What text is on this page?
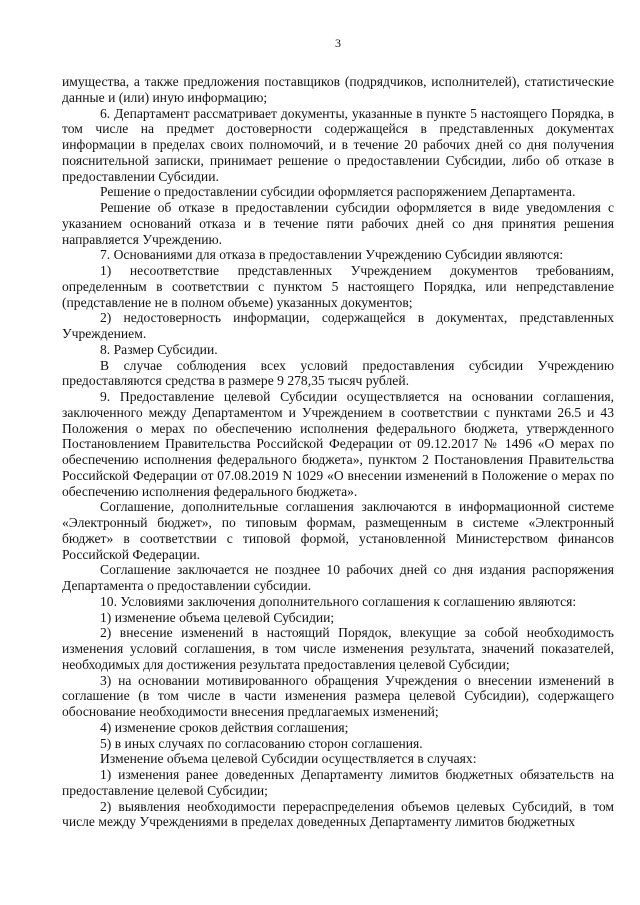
3

имущества, а также предложения поставщиков (подрядчиков, исполнителей), статистические данные и (или) иную информацию;

6. Департамент рассматривает документы, указанные в пункте 5 настоящего Порядка, в том числе на предмет достоверности содержащейся в представленных документах информации в пределах своих полномочий, и в течение 20 рабочих дней со дня получения пояснительной записки, принимает решение о предоставлении Субсидии, либо об отказе в предоставлении Субсидии.

Решение о предоставлении субсидии оформляется распоряжением Департамента.

Решение об отказе в предоставлении субсидии оформляется в виде уведомления с указанием оснований отказа и в течение пяти рабочих дней со дня принятия решения направляется Учреждению.

7. Основаниями для отказа в предоставлении Учреждению Субсидии являются:

1) несоответствие представленных Учреждением документов требованиям, определенным в соответствии с пунктом 5 настоящего Порядка, или непредставление (представление не в полном объеме) указанных документов;

2) недостоверность информации, содержащейся в документах, представленных Учреждением.

8. Размер Субсидии.

В случае соблюдения всех условий предоставления субсидии Учреждению предоставляются средства в размере 9 278,35 тысяч рублей.

9. Предоставление целевой Субсидии осуществляется на основании соглашения, заключенного между Департаментом и Учреждением в соответствии с пунктами 26.5 и 43 Положения о мерах по обеспечению исполнения федерального бюджета, утвержденного Постановлением Правительства Российской Федерации от 09.12.2017 № 1496 «О мерах по обеспечению исполнения федерального бюджета», пунктом 2 Постановления Правительства Российской Федерации от 07.08.2019 N 1029 «О внесении изменений в Положение о мерах по обеспечению исполнения федерального бюджета».

Соглашение, дополнительные соглашения заключаются в информационной системе «Электронный бюджет», по типовым формам, размещенным в системе «Электронный бюджет» в соответствии с типовой формой, установленной Министерством финансов Российской Федерации.

Соглашение заключается не позднее 10 рабочих дней со дня издания распоряжения Департамента о предоставлении субсидии.

10. Условиями заключения дополнительного соглашения к соглашению являются:

1) изменение объема целевой Субсидии;

2) внесение изменений в настоящий Порядок, влекущие за собой необходимость изменения условий соглашения, в том числе изменения результата, значений показателей, необходимых для достижения результата предоставления целевой Субсидии;

3) на основании мотивированного обращения Учреждения о внесении изменений в соглашение (в том числе в части изменения размера целевой Субсидии), содержащего обоснование необходимости внесения предлагаемых изменений;

4) изменение сроков действия соглашения;

5) в иных случаях по согласованию сторон соглашения.

Изменение объема целевой Субсидии осуществляется в случаях:

1) изменения ранее доведенных Департаменту лимитов бюджетных обязательств на предоставление целевой Субсидии;

2) выявления необходимости перераспределения объемов целевых Субсидий, в том числе между Учреждениями в пределах доведенных Департаменту лимитов бюджетных
